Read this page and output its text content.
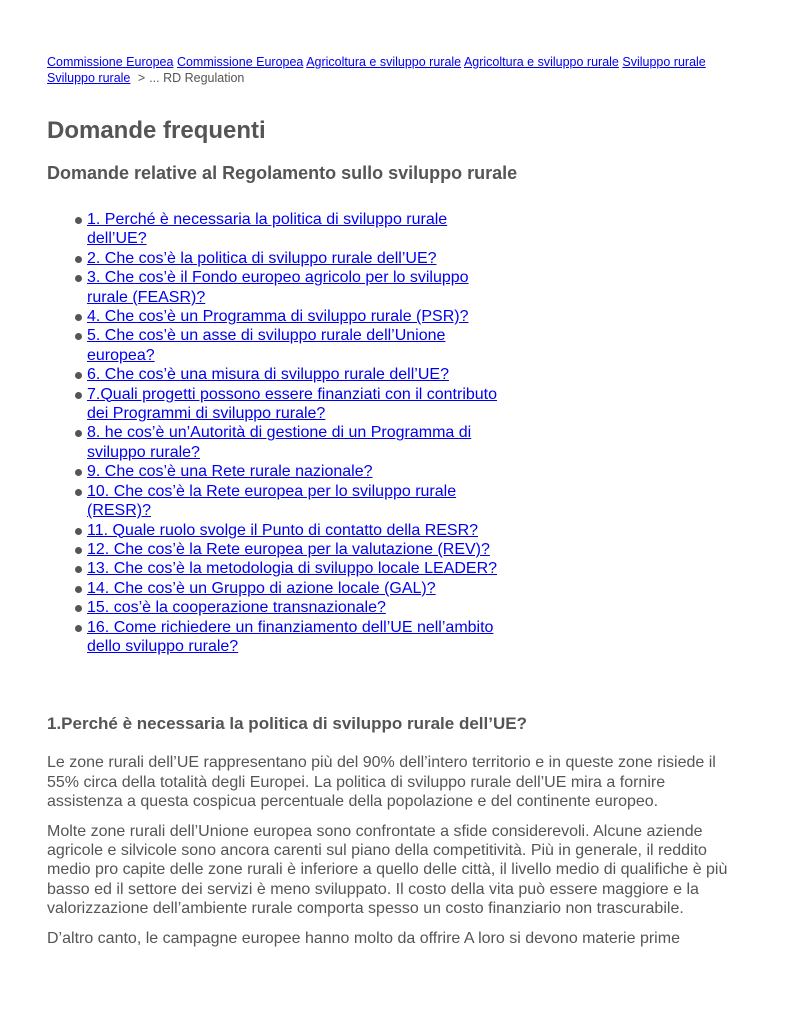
Commissione Europea Commissione Europea Agricoltura e sviluppo rurale Agricoltura e sviluppo rurale Sviluppo rurale
Sviluppo rurale > ... RD Regulation
Domande frequenti
Domande relative al Regolamento sullo sviluppo rurale
1. Perché è necessaria la politica di sviluppo rurale dell’UE?
2. Che cos’è la politica di sviluppo rurale dell’UE?
3. Che cos’è il Fondo europeo agricolo per lo sviluppo rurale (FEASR)?
4. Che cos’è un Programma di sviluppo rurale (PSR)?
5. Che cos’è un asse di sviluppo rurale dell’Unione europea?
6. Che cos’è una misura di sviluppo rurale dell’UE?
7.Quali progetti possono essere finanziati con il contributo dei Programmi di sviluppo rurale?
8. he cos’è un’Autorità di gestione di un Programma di sviluppo rurale?
9. Che cos’è una Rete rurale nazionale?
10. Che cos’è la Rete europea per lo sviluppo rurale (RESR)?
11. Quale ruolo svolge il Punto di contatto della RESR?
12. Che cos’è la Rete europea per la valutazione (REV)?
13. Che cos’è la metodologia di sviluppo locale LEADER?
14. Che cos’è un Gruppo di azione locale (GAL)?
15. cos’è la cooperazione transnazionale?
16. Come richiedere un finanziamento dell’UE nell’ambito dello sviluppo rurale?
1.Perché è necessaria la politica di sviluppo rurale dell’UE?

Le zone rurali dell’UE rappresentano più del 90% dell’intero territorio e in queste zone risiede il 55% circa della totalità degli Europei. La politica di sviluppo rurale dell’UE mira a fornire assistenza a questa cospicua percentuale della popolazione e del continente europeo.

Molte zone rurali dell’Unione europea sono confrontate a sfide considerevoli. Alcune aziende agricole e silvicole sono ancora carenti sul piano della competitività. Più in generale, il reddito medio pro capite delle zone rurali è inferiore a quello delle città, il livello medio di qualifiche è più basso ed il settore dei servizi è meno sviluppato. Il costo della vita può essere maggiore e la valorizzazione dell’ambiente rurale comporta spesso un costo finanziario non trascurabile.

D’altro canto, le campagne europee hanno molto da offrire A loro si devono materie prime
